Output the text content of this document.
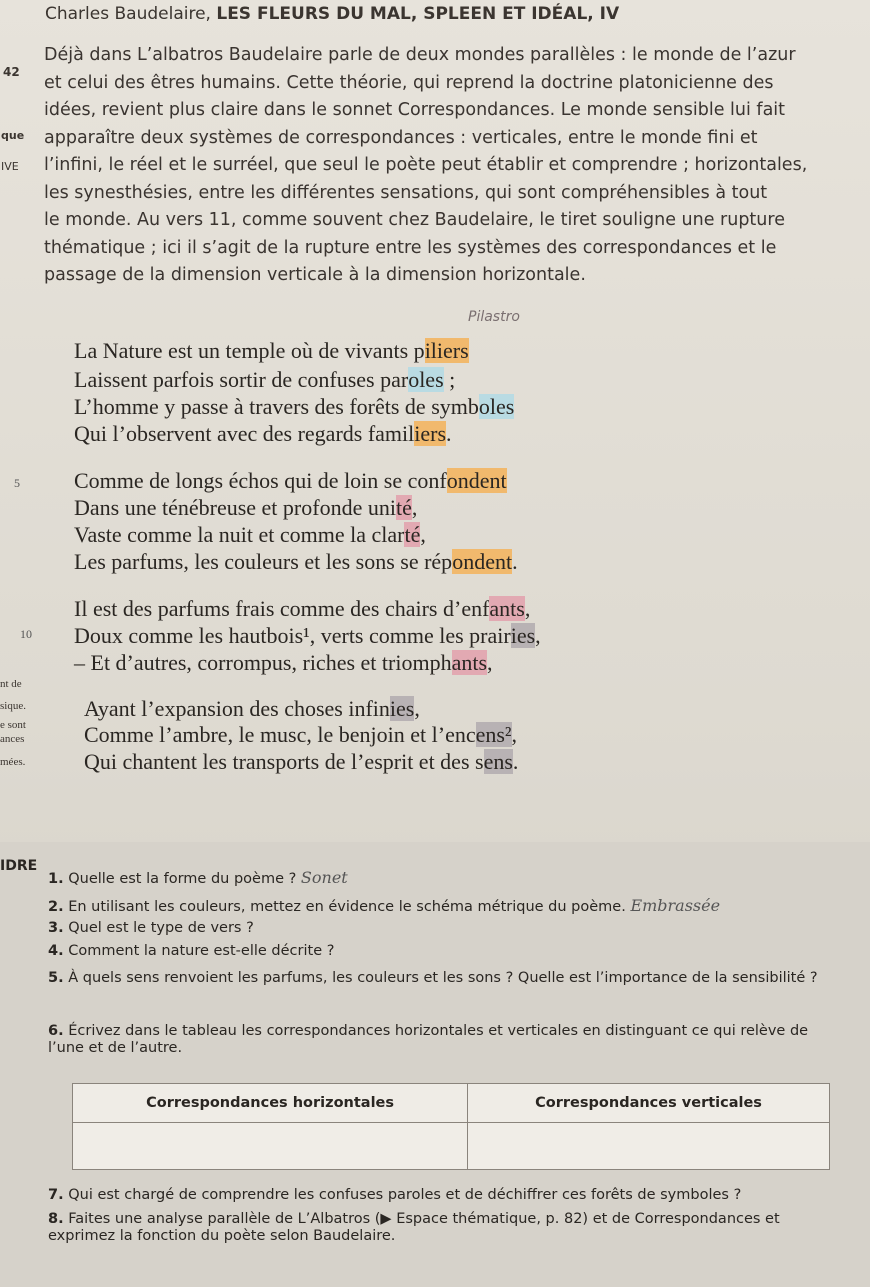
Charles Baudelaire, LES FLEURS DU MAL, SPLEEN ET IDÉAL, IV
42
que
IVE
Déjà dans L’albatros Baudelaire parle de deux mondes parallèles : le monde de l’azur
et celui des êtres humains. Cette théorie, qui reprend la doctrine platonicienne des
idées, revient plus claire dans le sonnet Correspondances. Le monde sensible lui fait
apparaître deux systèmes de correspondances : verticales, entre le monde fini et
l’infini, le réel et le surréel, que seul le poète peut établir et comprendre ; horizontales,
les synesthésies, entre les différentes sensations, qui sont compréhensibles à tout
le monde. Au vers 11, comme souvent chez Baudelaire, le tiret souligne une rupture
thématique ; ici il s’agit de la rupture entre les systèmes des correspondances et le
passage de la dimension verticale à la dimension horizontale.
Pilastro
La Nature est un temple où de vivants piliers
Laissent parfois sortir de confuses paroles ;
L’homme y passe à travers des forêts de symboles
Qui l’observent avec des regards familiers.
Comme de longs échos qui de loin se confondent
Dans une ténébreuse et profonde unité,
Vaste comme la nuit et comme la clarté,
Les parfums, les couleurs et les sons se répondent.
Il est des parfums frais comme des chairs d’enfants,
Doux comme les hautbois¹, verts comme les prairies,
– Et d’autres, corrompus, riches et triomphants,
Ayant l’expansion des choses infinies,
Comme l’ambre, le musc, le benjoin et l’encens²,
Qui chantent les transports de l’esprit et des sens.
5
10
nt de
sique.
e sont
ances
mées.
IDRE
1. Quelle est la forme du poème ? Sonet
2. En utilisant les couleurs, mettez en évidence le schéma métrique du poème. Embrassée
3. Quel est le type de vers ?
4. Comment la nature est-elle décrite ?
5. À quels sens renvoient les parfums, les couleurs et les sons ? Quelle est l’importance de la sensibilité ?
6. Écrivez dans le tableau les correspondances horizontales et verticales en distinguant ce qui relève de l’une et de l’autre.
Correspondances horizontales	Correspondances verticales

7. Qui est chargé de comprendre les confuses paroles et de déchiffrer ces forêts de symboles ?
8. Faites une analyse parallèle de L’Albatros (▶ Espace thématique, p. 82) et de Correspondances et exprimez la fonction du poète selon Baudelaire.
